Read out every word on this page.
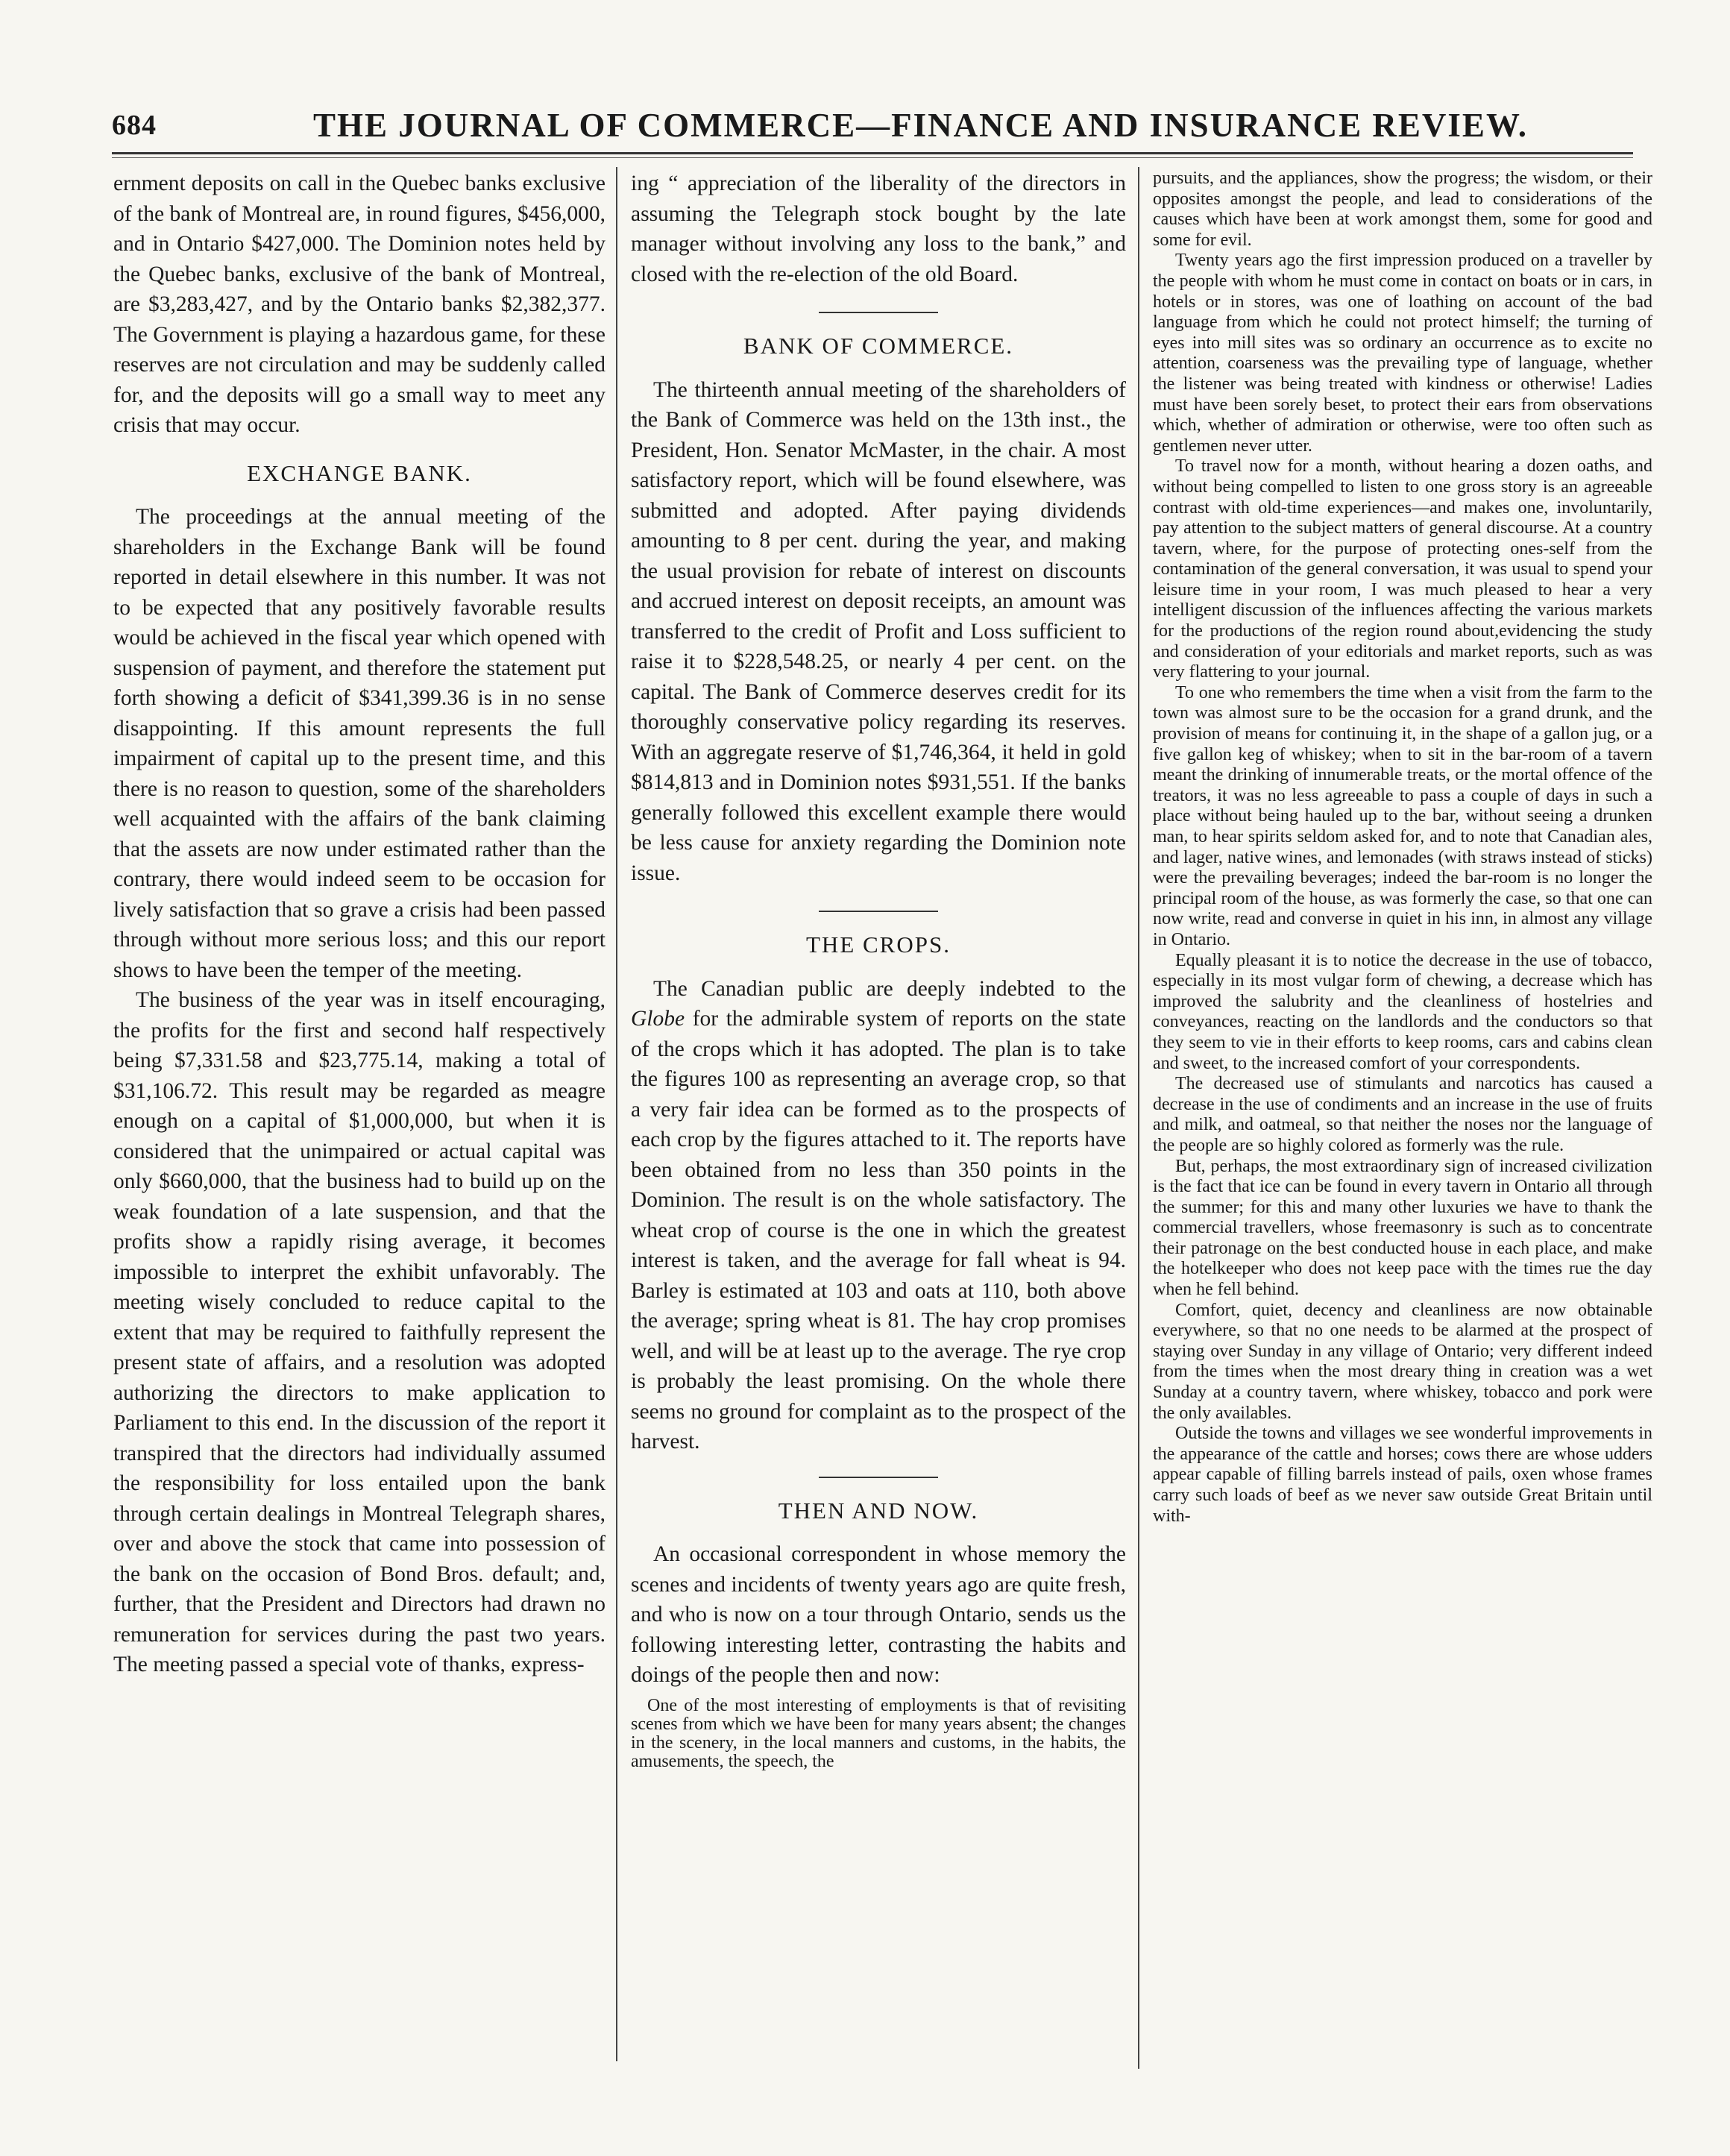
684	THE JOURNAL OF COMMERCE—FINANCE AND INSURANCE REVIEW.

ernment deposits on call in the Quebec banks exclusive of the bank of Montreal are, in round figures, $456,000, and in Ontario $427,000. The Dominion notes held by the Quebec banks, exclusive of the bank of Montreal, are $3,283,427, and by the Ontario banks $2,382,377. The Government is playing a hazardous game, for these reserves are not circulation and may be suddenly called for, and the deposits will go a small way to meet any crisis that may occur.

EXCHANGE BANK.

The proceedings at the annual meeting of the shareholders in the Exchange Bank will be found reported in detail elsewhere in this number. It was not to be expected that any positively favorable results would be achieved in the fiscal year which opened with suspension of payment, and therefore the statement put forth showing a deficit of $341,399.36 is in no sense disappointing. If this amount represents the full impairment of capital up to the present time, and this there is no reason to question, some of the shareholders well acquainted with the affairs of the bank claiming that the assets are now under estimated rather than the contrary, there would indeed seem to be occasion for lively satisfaction that so grave a crisis had been passed through without more serious loss; and this our report shows to have been the temper of the meeting.

The business of the year was in itself encouraging, the profits for the first and second half respectively being $7,331.58 and $23,775.14, making a total of $31,106.72. This result may be regarded as meagre enough on a capital of $1,000,000, but when it is considered that the unimpaired or actual capital was only $660,000, that the business had to build up on the weak foundation of a late suspension, and that the profits show a rapidly rising average, it becomes impossible to interpret the exhibit unfavorably. The meeting wisely concluded to reduce capital to the extent that may be required to faithfully represent the present state of affairs, and a resolution was adopted authorizing the directors to make application to Parliament to this end. In the discussion of the report it transpired that the directors had individually assumed the responsibility for loss entailed upon the bank through certain dealings in Montreal Telegraph shares, over and above the stock that came into possession of the bank on the occasion of Bond Bros. default; and, further, that the President and Directors had drawn no remuneration for services during the past two years. The meeting passed a special vote of thanks, express-

ing “ appreciation of the liberality of the directors in assuming the Telegraph stock bought by the late manager without involving any loss to the bank,” and closed with the re-election of the old Board.

BANK OF COMMERCE.

The thirteenth annual meeting of the shareholders of the Bank of Commerce was held on the 13th inst., the President, Hon. Senator McMaster, in the chair. A most satisfactory report, which will be found elsewhere, was submitted and adopted. After paying dividends amounting to 8 per cent. during the year, and making the usual provision for rebate of interest on discounts and accrued interest on deposit receipts, an amount was transferred to the credit of Profit and Loss sufficient to raise it to $228,548.25, or nearly 4 per cent. on the capital. The Bank of Commerce deserves credit for its thoroughly conservative policy regarding its reserves. With an aggregate reserve of $1,746,364, it held in gold $814,813 and in Dominion notes $931,551. If the banks generally followed this excellent example there would be less cause for anxiety regarding the Dominion note issue.

THE CROPS.

The Canadian public are deeply indebted to the Globe for the admirable system of reports on the state of the crops which it has adopted. The plan is to take the figures 100 as representing an average crop, so that a very fair idea can be formed as to the prospects of each crop by the figures attached to it. The reports have been obtained from no less than 350 points in the Dominion. The result is on the whole satisfactory. The wheat crop of course is the one in which the greatest interest is taken, and the average for fall wheat is 94. Barley is estimated at 103 and oats at 110, both above the average; spring wheat is 81. The hay crop promises well, and will be at least up to the average. The rye crop is probably the least promising. On the whole there seems no ground for complaint as to the prospect of the harvest.

THEN AND NOW.

An occasional correspondent in whose memory the scenes and incidents of twenty years ago are quite fresh, and who is now on a tour through Ontario, sends us the following interesting letter, contrasting the habits and doings of the people then and now:

One of the most interesting of employments is that of revisiting scenes from which we have been for many years absent; the changes in the scenery, in the local manners and customs, in the habits, the amusements, the speech, the

pursuits, and the appliances, show the progress; the wisdom, or their opposites amongst the people, and lead to considerations of the causes which have been at work amongst them, some for good and some for evil.

Twenty years ago the first impression produced on a traveller by the people with whom he must come in contact on boats or in cars, in hotels or in stores, was one of loathing on account of the bad language from which he could not protect himself; the turning of eyes into mill sites was so ordinary an occurrence as to excite no attention, coarseness was the prevailing type of language, whether the listener was being treated with kindness or otherwise! Ladies must have been sorely beset, to protect their ears from observations which, whether of admiration or otherwise, were too often such as gentlemen never utter.

To travel now for a month, without hearing a dozen oaths, and without being compelled to listen to one gross story is an agreeable contrast with old-time experiences—and makes one, involuntarily, pay attention to the subject matters of general discourse. At a country tavern, where, for the purpose of protecting ones-self from the contamination of the general conversation, it was usual to spend your leisure time in your room, I was much pleased to hear a very intelligent discussion of the influences affecting the various markets for the productions of the region round about,evidencing the study and consideration of your editorials and market reports, such as was very flattering to your journal.

To one who remembers the time when a visit from the farm to the town was almost sure to be the occasion for a grand drunk, and the provision of means for continuing it, in the shape of a gallon jug, or a five gallon keg of whiskey; when to sit in the bar-room of a tavern meant the drinking of innumerable treats, or the mortal offence of the treators, it was no less agreeable to pass a couple of days in such a place without being hauled up to the bar, without seeing a drunken man, to hear spirits seldom asked for, and to note that Canadian ales, and lager, native wines, and lemonades (with straws instead of sticks) were the prevailing beverages; indeed the bar-room is no longer the principal room of the house, as was formerly the case, so that one can now write, read and converse in quiet in his inn, in almost any village in Ontario.

Equally pleasant it is to notice the decrease in the use of tobacco, especially in its most vulgar form of chewing, a decrease which has improved the salubrity and the cleanliness of hostelries and conveyances, reacting on the landlords and the conductors so that they seem to vie in their efforts to keep rooms, cars and cabins clean and sweet, to the increased comfort of your correspondents.

The decreased use of stimulants and narcotics has caused a decrease in the use of condiments and an increase in the use of fruits and milk, and oatmeal, so that neither the noses nor the language of the people are so highly colored as formerly was the rule.

But, perhaps, the most extraordinary sign of increased civilization is the fact that ice can be found in every tavern in Ontario all through the summer; for this and many other luxuries we have to thank the commercial travellers, whose freemasonry is such as to concentrate their patronage on the best conducted house in each place, and make the hotelkeeper who does not keep pace with the times rue the day when he fell behind.

Comfort, quiet, decency and cleanliness are now obtainable everywhere, so that no one needs to be alarmed at the prospect of staying over Sunday in any village of Ontario; very different indeed from the times when the most dreary thing in creation was a wet Sunday at a country tavern, where whiskey, tobacco and pork were the only availables.

Outside the towns and villages we see wonderful improvements in the appearance of the cattle and horses; cows there are whose udders appear capable of filling barrels instead of pails, oxen whose frames carry such loads of beef as we never saw outside Great Britain until with-
